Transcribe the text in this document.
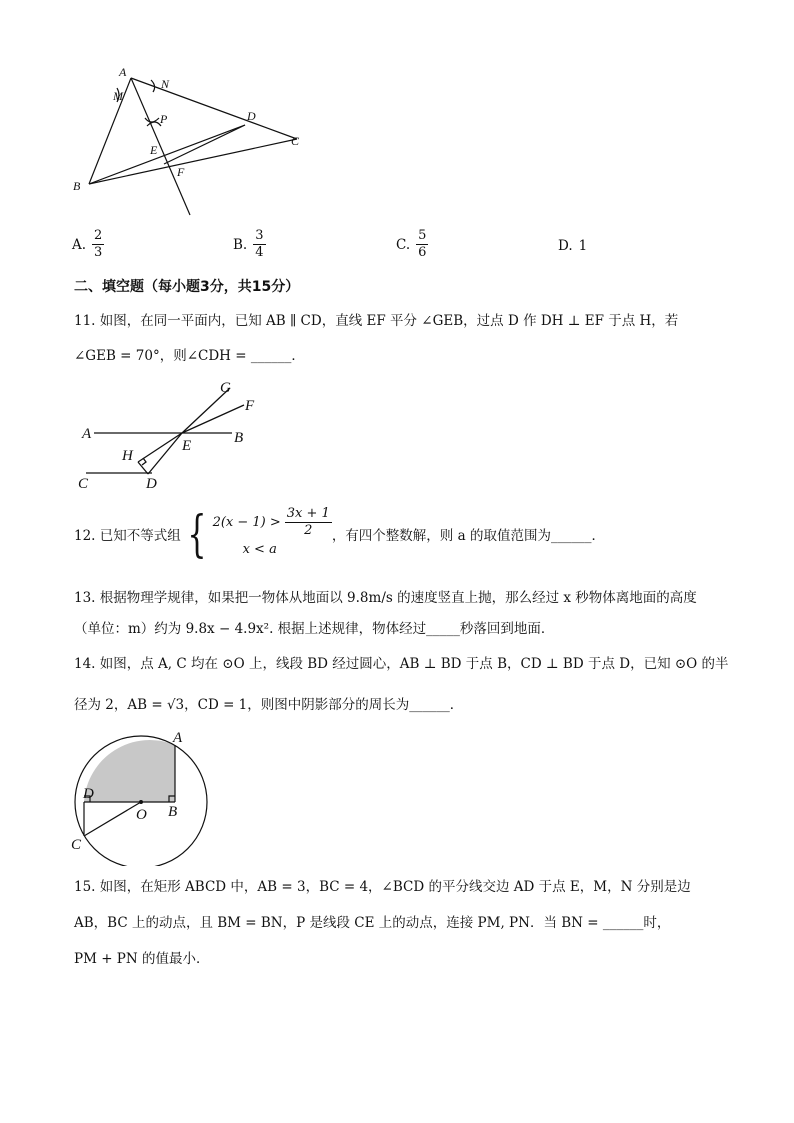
A
N
M
P	D
C
E
F
B
A. $\frac{2}{3}$	B. $\frac{3}{4}$	C. $\frac{5}{6}$	D. 1
二、填空题（每小题3分，共15分）
11. 如图，在同一平面内，已知 AB ∥ CD，直线 EF 平分 ∠GEB，过点 D 作 DH ⊥ EF 于点 H，若
∠GEB = 70°，则∠CDH = ______．
G
F
A
E	B
H
C	D
12. 已知不等式组 { $2(x - 1) > \frac{3x + 1}{2}$
x < a
，有四个整数解，则 a 的取值范围为______．
13. 根据物理学规律，如果把一物体从地面以 9.8m/s 的速度竖直上抛，那么经过 x 秒物体离地面的高度
（单位：m）约为 9.8x − 4.9x². 根据上述规律，物体经过_____秒落回到地面．
14. 如图，点 A, C 均在 ⊙O 上，线段 BD 经过圆心，AB ⊥ BD 于点 B，CD ⊥ BD 于点 D，已知 ⊙O 的半
径为 2，AB = √3，CD = 1，则图中阴影部分的周长为______．
A
D
O B
C
15. 如图，在矩形 ABCD 中，AB = 3，BC = 4，∠BCD 的平分线交边 AD 于点 E，M，N 分别是边
AB，BC 上的动点，且 BM = BN，P 是线段 CE 上的动点，连接 PM, PN．当 BN = ______时，
PM + PN 的值最小．
